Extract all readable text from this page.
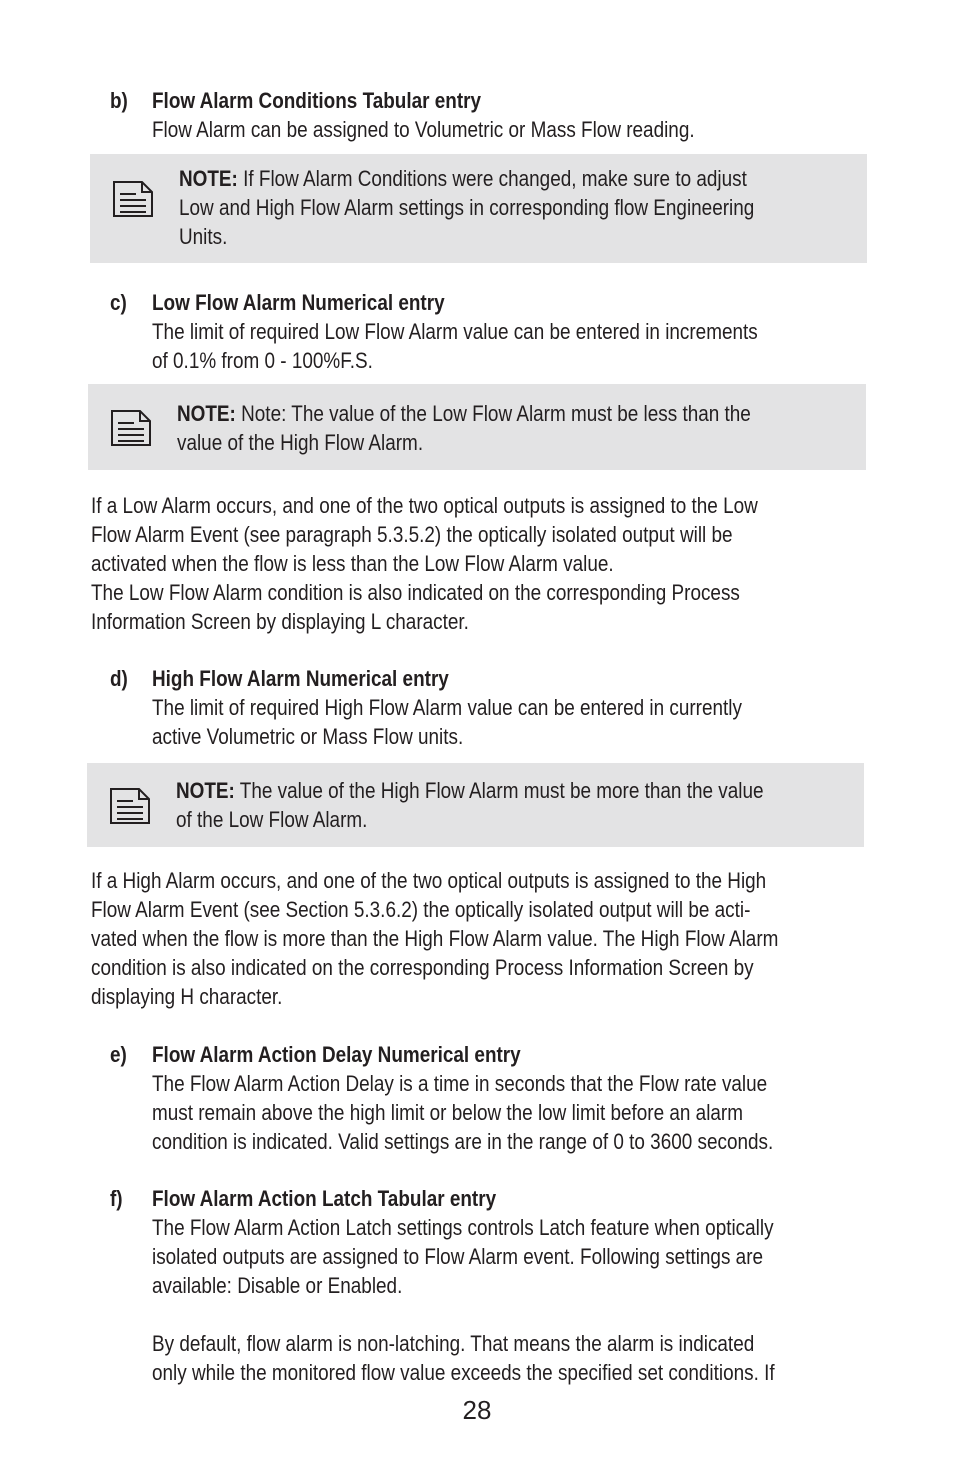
b) Flow Alarm Conditions Tabular entry
Flow Alarm can be assigned to Volumetric or Mass Flow reading.
NOTE: If Flow Alarm Conditions were changed, make sure to adjust
Low and High Flow Alarm settings in corresponding flow Engineering
Units.
c) Low Flow Alarm Numerical entry
The limit of required Low Flow Alarm value can be entered in increments
of 0.1% from 0 - 100%F.S.
NOTE: Note: The value of the Low Flow Alarm must be less than the
value of the High Flow Alarm.
If a Low Alarm occurs, and one of the two optical outputs is assigned to the Low
Flow Alarm Event (see paragraph 5.3.5.2) the optically isolated output will be
activated when the flow is less than the Low Flow Alarm value.
The Low Flow Alarm condition is also indicated on the corresponding Process
Information Screen by displaying L character.
d) High Flow Alarm Numerical entry
The limit of required High Flow Alarm value can be entered in currently
active Volumetric or Mass Flow units.
NOTE: The value of the High Flow Alarm must be more than the value
of the Low Flow Alarm.
If a High Alarm occurs, and one of the two optical outputs is assigned to the High
Flow Alarm Event (see Section 5.3.6.2) the optically isolated output will be acti-
vated when the flow is more than the High Flow Alarm value. The High Flow Alarm
condition is also indicated on the corresponding Process Information Screen by
displaying H character.
e) Flow Alarm Action Delay Numerical entry
The Flow Alarm Action Delay is a time in seconds that the Flow rate value
must remain above the high limit or below the low limit before an alarm
condition is indicated. Valid settings are in the range of 0 to 3600 seconds.
f) Flow Alarm Action Latch Tabular entry
The Flow Alarm Action Latch settings controls Latch feature when optically
isolated outputs are assigned to Flow Alarm event. Following settings are
available: Disable or Enabled.
By default, flow alarm is non-latching. That means the alarm is indicated
only while the monitored flow value exceeds the specified set conditions. If
28
